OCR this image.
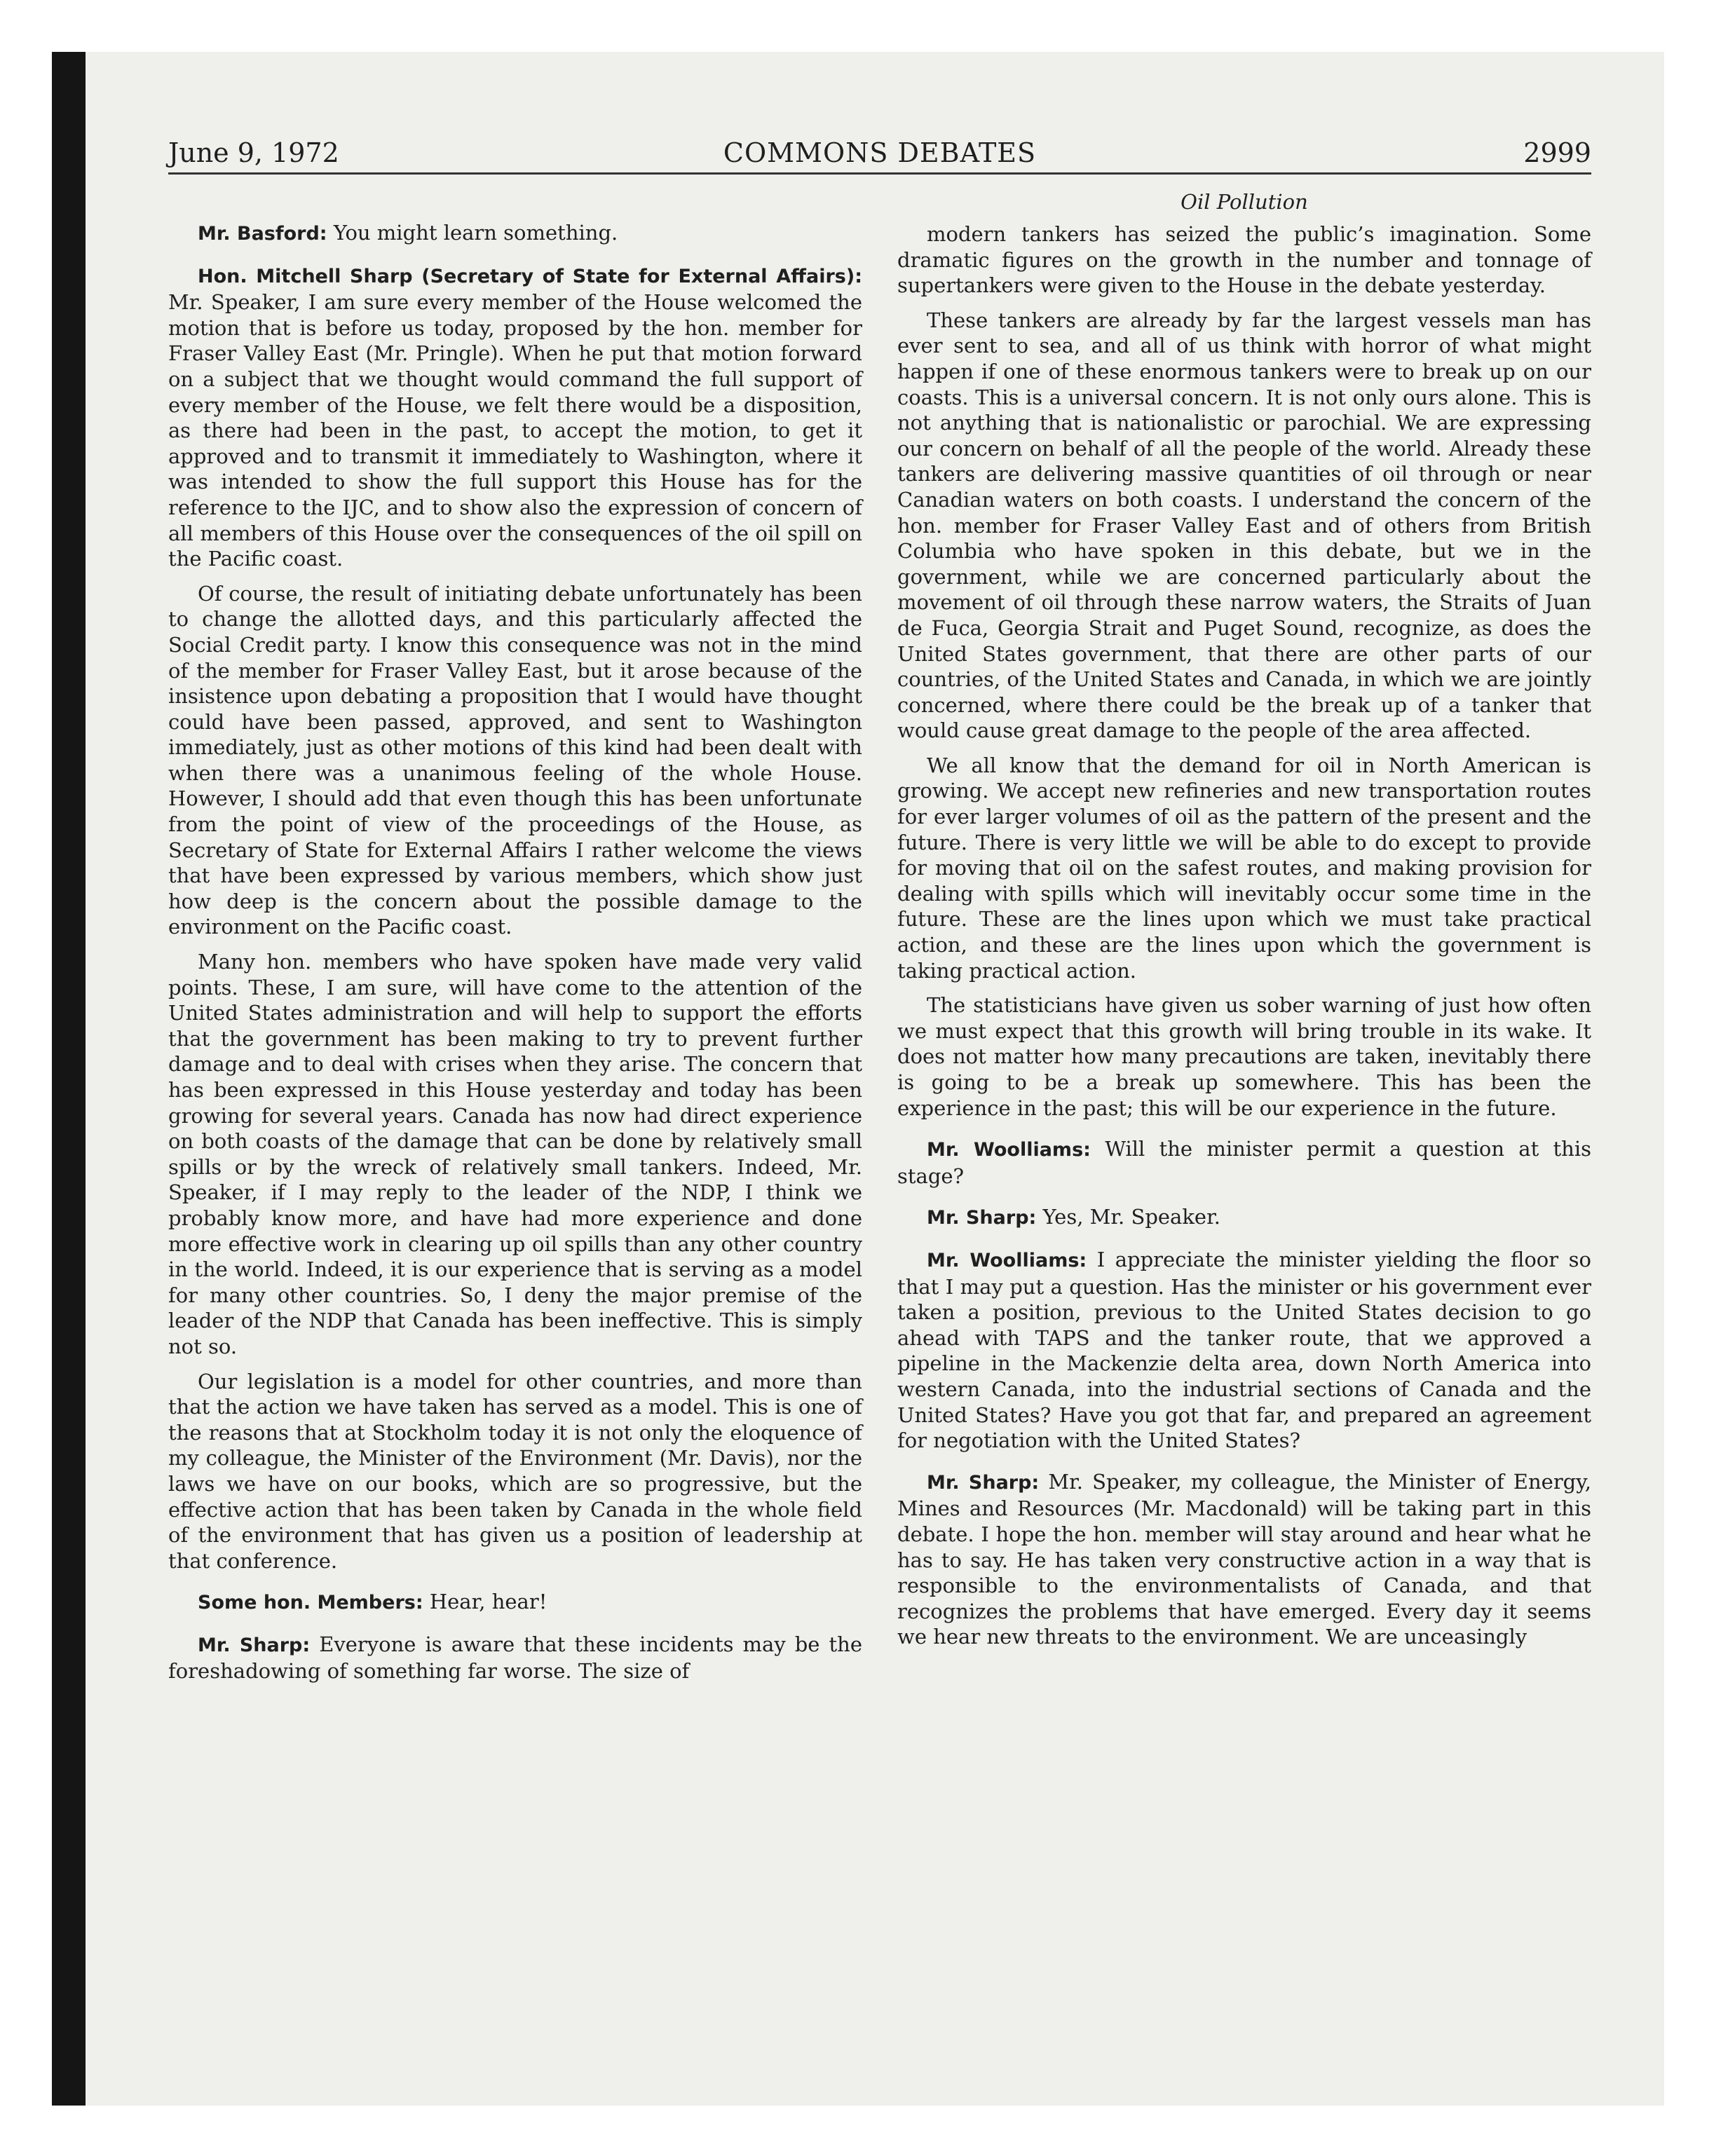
June 9, 1972	COMMONS DEBATES	2999

Mr. Basford: You might learn something.

Hon. Mitchell Sharp (Secretary of State for External Affairs): Mr. Speaker, I am sure every member of the House welcomed the motion that is before us today, proposed by the hon. member for Fraser Valley East (Mr. Pringle). When he put that motion forward on a subject that we thought would command the full support of every member of the House, we felt there would be a disposition, as there had been in the past, to accept the motion, to get it approved and to transmit it immediately to Washington, where it was intended to show the full support this House has for the reference to the IJC, and to show also the expression of concern of all members of this House over the consequences of the oil spill on the Pacific coast.

Of course, the result of initiating debate unfortunately has been to change the allotted days, and this particularly affected the Social Credit party. I know this consequence was not in the mind of the member for Fraser Valley East, but it arose because of the insistence upon debating a proposition that I would have thought could have been passed, approved, and sent to Washington immediately, just as other motions of this kind had been dealt with when there was a unanimous feeling of the whole House. However, I should add that even though this has been unfortunate from the point of view of the proceedings of the House, as Secretary of State for External Affairs I rather welcome the views that have been expressed by various members, which show just how deep is the concern about the possible damage to the environment on the Pacific coast.

Many hon. members who have spoken have made very valid points. These, I am sure, will have come to the attention of the United States administration and will help to support the efforts that the government has been making to try to prevent further damage and to deal with crises when they arise. The concern that has been expressed in this House yesterday and today has been growing for several years. Canada has now had direct experience on both coasts of the damage that can be done by relatively small spills or by the wreck of relatively small tankers. Indeed, Mr. Speaker, if I may reply to the leader of the NDP, I think we probably know more, and have had more experience and done more effective work in clearing up oil spills than any other country in the world. Indeed, it is our experience that is serving as a model for many other countries. So, I deny the major premise of the leader of the NDP that Canada has been ineffective. This is simply not so.

Our legislation is a model for other countries, and more than that the action we have taken has served as a model. This is one of the reasons that at Stockholm today it is not only the eloquence of my colleague, the Minister of the Environment (Mr. Davis), nor the laws we have on our books, which are so progressive, but the effective action that has been taken by Canada in the whole field of the environment that has given us a position of leadership at that conference.

Some hon. Members: Hear, hear!

Mr. Sharp: Everyone is aware that these incidents may be the foreshadowing of something far worse. The size of

Oil Pollution

modern tankers has seized the public’s imagination. Some dramatic figures on the growth in the number and tonnage of supertankers were given to the House in the debate yesterday.

These tankers are already by far the largest vessels man has ever sent to sea, and all of us think with horror of what might happen if one of these enormous tankers were to break up on our coasts. This is a universal concern. It is not only ours alone. This is not anything that is nationalistic or parochial. We are expressing our concern on behalf of all the people of the world. Already these tankers are delivering massive quantities of oil through or near Canadian waters on both coasts. I understand the concern of the hon. member for Fraser Valley East and of others from British Columbia who have spoken in this debate, but we in the government, while we are concerned particularly about the movement of oil through these narrow waters, the Straits of Juan de Fuca, Georgia Strait and Puget Sound, recognize, as does the United States government, that there are other parts of our countries, of the United States and Canada, in which we are jointly concerned, where there could be the break up of a tanker that would cause great damage to the people of the area affected.

We all know that the demand for oil in North American is growing. We accept new refineries and new transportation routes for ever larger volumes of oil as the pattern of the present and the future. There is very little we will be able to do except to provide for moving that oil on the safest routes, and making provision for dealing with spills which will inevitably occur some time in the future. These are the lines upon which we must take practical action, and these are the lines upon which the government is taking practical action.

The statisticians have given us sober warning of just how often we must expect that this growth will bring trouble in its wake. It does not matter how many precautions are taken, inevitably there is going to be a break up somewhere. This has been the experience in the past; this will be our experience in the future.

Mr. Woolliams: Will the minister permit a question at this stage?

Mr. Sharp: Yes, Mr. Speaker.

Mr. Woolliams: I appreciate the minister yielding the floor so that I may put a question. Has the minister or his government ever taken a position, previous to the United States decision to go ahead with TAPS and the tanker route, that we approved a pipeline in the Mackenzie delta area, down North America into western Canada, into the industrial sections of Canada and the United States? Have you got that far, and prepared an agreement for negotiation with the United States?

Mr. Sharp: Mr. Speaker, my colleague, the Minister of Energy, Mines and Resources (Mr. Macdonald) will be taking part in this debate. I hope the hon. member will stay around and hear what he has to say. He has taken very constructive action in a way that is responsible to the environmentalists of Canada, and that recognizes the problems that have emerged. Every day it seems we hear new threats to the environment. We are unceasingly
